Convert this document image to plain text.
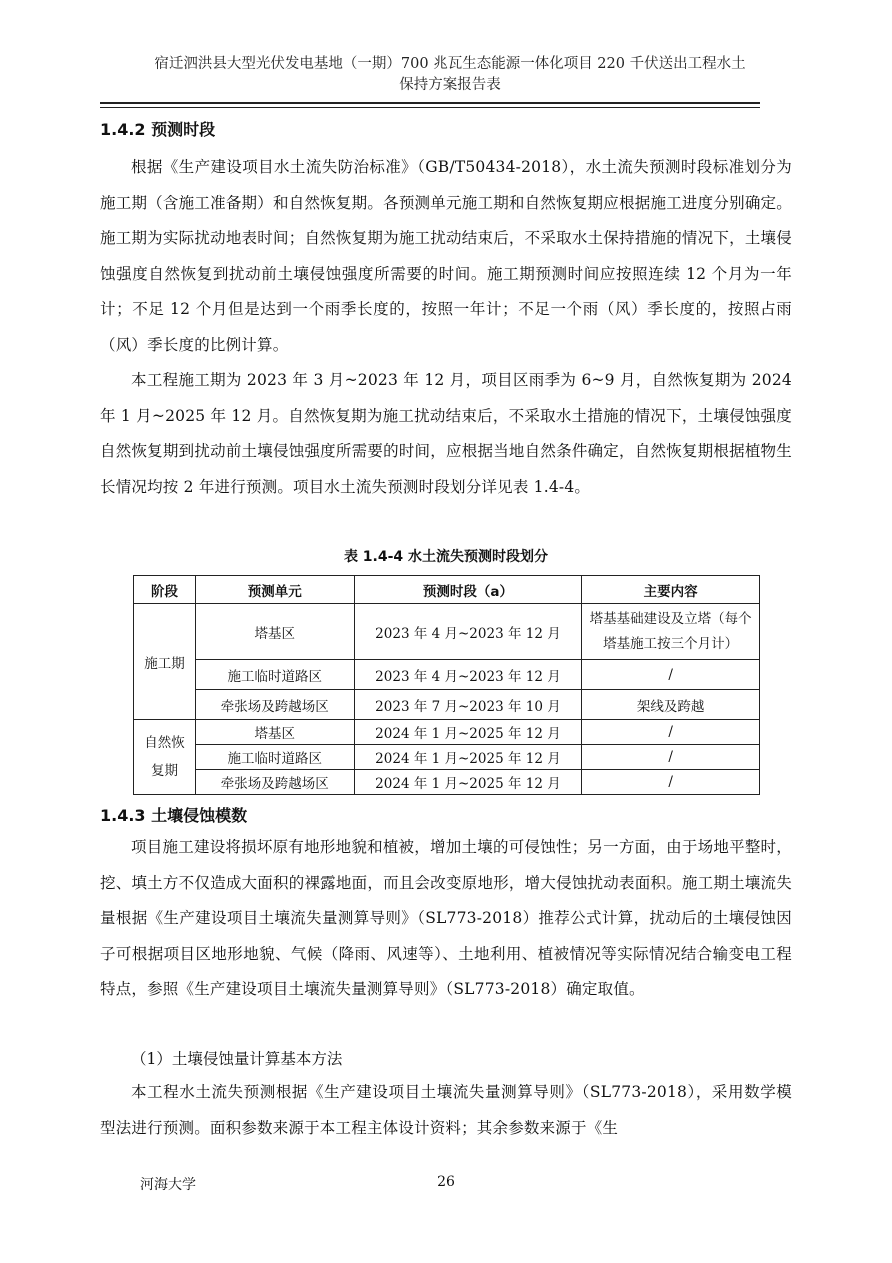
宿迁泗洪县大型光伏发电基地（一期）700 兆瓦生态能源一体化项目 220 千伏送出工程水土
保持方案报告表
1.4.2 预测时段
根据《生产建设项目水土流失防治标准》（GB/T50434-2018），水土流失预测时段标准划分为施工期（含施工准备期）和自然恢复期。各预测单元施工期和自然恢复期应根据施工进度分别确定。施工期为实际扰动地表时间；自然恢复期为施工扰动结束后，不采取水土保持措施的情况下，土壤侵蚀强度自然恢复到扰动前土壤侵蚀强度所需要的时间。施工期预测时间应按照连续 12 个月为一年计；不足 12 个月但是达到一个雨季长度的，按照一年计；不足一个雨（风）季长度的，按照占雨（风）季长度的比例计算。
本工程施工期为 2023 年 3 月~2023 年 12 月，项目区雨季为 6~9 月，自然恢复期为 2024 年 1 月~2025 年 12 月。自然恢复期为施工扰动结束后，不采取水土措施的情况下，土壤侵蚀强度自然恢复期到扰动前土壤侵蚀强度所需要的时间，应根据当地自然条件确定，自然恢复期根据植物生长情况均按 2 年进行预测。项目水土流失预测时段划分详见表 1.4-4。
表 1.4-4 水土流失预测时段划分
阶段	预测单元	预测时段（a）	主要内容
施工期	塔基区	2023 年 4 月~2023 年 12 月	塔基基础建设及立塔（每个塔基施工按三个月计）
	施工临时道路区	2023 年 4 月~2023 年 12 月	/
	牵张场及跨越场区	2023 年 7 月~2023 年 10 月	架线及跨越

自然恢
复期	塔基区	2024 年 1 月~2025 年 12 月	/
	施工临时道路区	2024 年 1 月~2025 年 12 月	/
	牵张场及跨越场区	2024 年 1 月~2025 年 12 月	/
1.4.3 土壤侵蚀模数
项目施工建设将损坏原有地形地貌和植被，增加土壤的可侵蚀性；另一方面，由于场地平整时，挖、填土方不仅造成大面积的裸露地面，而且会改变原地形，增大侵蚀扰动表面积。施工期土壤流失量根据《生产建设项目土壤流失量测算导则》（SL773-2018）推荐公式计算，扰动后的土壤侵蚀因子可根据项目区地形地貌、气候（降雨、风速等）、土地利用、植被情况等实际情况结合输变电工程特点，参照《生产建设项目土壤流失量测算导则》（SL773-2018）确定取值。
（1）土壤侵蚀量计算基本方法
本工程水土流失预测根据《生产建设项目土壤流失量测算导则》（SL773-2018），采用数学模型法进行预测。面积参数来源于本工程主体设计资料；其余参数来源于《生
河海大学	26
